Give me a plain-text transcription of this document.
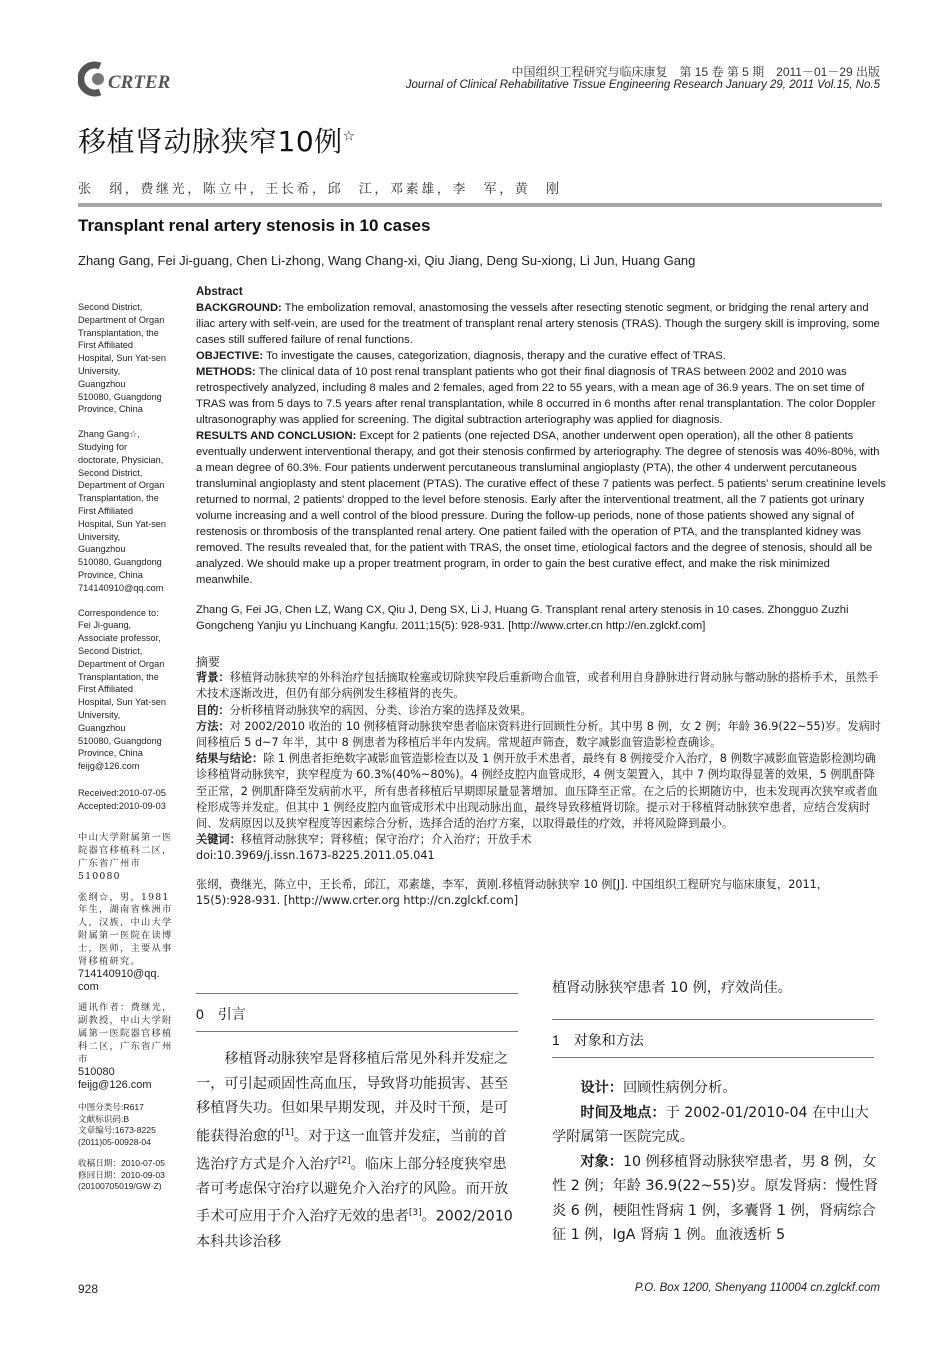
CRTER	中国组织工程研究与临床康复　第 15 卷 第 5 期　2011－01－29 出版
Journal of Clinical Rehabilitative Tissue Engineering Research January 29, 2011 Vol.15, No.5
移植肾动脉狭窄10例☆
张　纲，费继光，陈立中，王长希，邱　江，邓素雄，李　军，黄　刚
Transplant renal artery stenosis in 10 cases
Zhang Gang, Fei Ji-guang, Chen Li-zhong, Wang Chang-xi, Qiu Jiang, Deng Su-xiong, Li Jun, Huang Gang
Second District,
Department of Organ
Transplantation, the
First Affiliated
Hospital, Sun Yat-sen
University,
Guangzhou
510080, Guangdong
Province, China
Zhang Gang☆,
Studying for
doctorate, Physician,
Second District,
Department of Organ
Transplantation, the
First Affiliated
Hospital, Sun Yat-sen
University,
Guangzhou
510080, Guangdong
Province, China
714140910@qq.com
Correspondence to:
Fei Ji-guang,
Associate professor,
Second District,
Department of Organ
Transplantation, the
First Affiliated
Hospital, Sun Yat-sen
University,
Guangzhou
510080, Guangdong
Province, China
feijg@126.com
Received:2010-07-05
Accepted:2010-09-03
中山大学附属第一医院器官移植科二区，广东省广州市　510080
张纲☆，男，1981年生，湖南省株洲市人，汉族，中山大学附属第一医院在读博士，医师，主要从事肾移植研究。
714140910@qq.
com
通讯作者：费继光，副教授，中山大学附属第一医院器官移植科二区，广东省广州市
510080
feijg@126.com
中图分类号:R617
文献标识码:B
文章编号:1673-8225
(2011)05-00928-04
收稿日期：2010-07-05
修回日期：2010-09-03
(20100705019/GW·Z)
Abstract

BACKGROUND: The embolization removal, anastomosing the vessels after resecting stenotic segment, or bridging the renal artery and iliac artery with self-vein, are used for the treatment of transplant renal artery stenosis (TRAS). Though the surgery skill is improving, some cases still suffered failure of renal functions.

OBJECTIVE: To investigate the causes, categorization, diagnosis, therapy and the curative effect of TRAS.

METHODS: The clinical data of 10 post renal transplant patients who got their final diagnosis of TRAS between 2002 and 2010 was retrospectively analyzed, including 8 males and 2 females, aged from 22 to 55 years, with a mean age of 36.9 years. The on set time of TRAS was from 5 days to 7.5 years after renal transplantation, while 8 occurred in 6 months after renal transplantation. The color Doppler ultrasonography was applied for screening. The digital subtraction arteriography was applied for diagnosis.

RESULTS AND CONCLUSION: Except for 2 patients (one rejected DSA, another underwent open operation), all the other 8 patients eventually underwent interventional therapy, and got their stenosis confirmed by arteriography. The degree of stenosis was 40%-80%, with a mean degree of 60.3%. Four patients underwent percutaneous transluminal angioplasty (PTA), the other 4 underwent percutaneous transluminal angioplasty and stent placement (PTAS). The curative effect of these 7 patients was perfect. 5 patients' serum creatinine levels returned to normal, 2 patients' dropped to the level before stenosis. Early after the interventional treatment, all the 7 patients got urinary volume increasing and a well control of the blood pressure. During the follow-up periods, none of those patients showed any signal of restenosis or thrombosis of the transplanted renal artery. One patient failed with the operation of PTA, and the transplanted kidney was removed. The results revealed that, for the patient with TRAS, the onset time, etiological factors and the degree of stenosis, should all be analyzed. We should make up a proper treatment program, in order to gain the best curative effect, and make the risk minimized meanwhile.

Zhang G, Fei JG, Chen LZ, Wang CX, Qiu J, Deng SX, Li J, Huang G. Transplant renal artery stenosis in 10 cases. Zhongguo Zuzhi Gongcheng Yanjiu yu Linchuang Kangfu. 2011;15(5): 928-931. [http://www.crter.cn http://en.zglckf.com]

摘要

背景：移植肾动脉狭窄的外科治疗包括摘取栓塞或切除狭窄段后重新吻合血管，或者利用自身静脉进行肾动脉与髂动脉的搭桥手术，虽然手术技术逐渐改进，但仍有部分病例发生移植肾的丧失。

目的：分析移植肾动脉狭窄的病因、分类、诊治方案的选择及效果。

方法：对 2002/2010 收治的 10 例移植肾动脉狭窄患者临床资料进行回顾性分析。其中男 8 例，女 2 例；年龄 36.9(22~55)岁。发病时间移植后 5 d~7 年半，其中 8 例患者为移植后半年内发病。常规超声筛查，数字减影血管造影检查确诊。

结果与结论：除 1 例患者拒绝数字减影血管造影检查以及 1 例开放手术患者，最终有 8 例接受介入治疗，8 例数字减影血管造影检测均确诊移植肾动脉狭窄，狭窄程度为 60.3%(40%~80%)。4 例经皮腔内血管成形，4 例支架置入，其中 7 例均取得显著的效果，5 例肌酐降至正常，2 例肌酐降至发病前水平，所有患者移植后早期即尿量显著增加、血压降至正常。在之后的长期随访中，也未发现再次狭窄或者血栓形成等并发症。但其中 1 例经皮腔内血管成形术中出现动脉出血，最终导致移植肾切除。提示对于移植肾动脉狭窄患者，应结合发病时间、发病原因以及狭窄程度等因素综合分析，选择合适的治疗方案，以取得最佳的疗效，并将风险降到最小。

关键词：移植肾动脉狭窄；肾移植；保守治疗；介入治疗；开放手术

doi:10.3969/j.issn.1673-8225.2011.05.041

张纲，费继光，陈立中，王长希，邱江，邓素雄，李军，黄刚.移植肾动脉狭窄 10 例[J]. 中国组织工程研究与临床康复，2011，15(5):928-931. [http://www.crter.org http://cn.zglckf.com]

0　引言

移植肾动脉狭窄是肾移植后常见外科并发症之一，可引起顽固性高血压，导致肾功能损害、甚至移植肾失功。但如果早期发现，并及时干预，是可能获得治愈的[1]。对于这一血管并发症，当前的首选治疗方式是介入治疗[2]。临床上部分轻度狭窄患者可考虑保守治疗以避免介入治疗的风险。而开放手术可应用于介入治疗无效的患者[3]。2002/2010 本科共诊治移

植肾动脉狭窄患者 10 例，疗效尚佳。
1　对象和方法

设计：回顾性病例分析。

时间及地点：于 2002-01/2010-04 在中山大学附属第一医院完成。

对象：10 例移植肾动脉狭窄患者，男 8 例，女性 2 例；年龄 36.9(22~55)岁。原发肾病：慢性肾炎 6 例，梗阻性肾病 1 例，多囊肾 1 例，肾病综合征 1 例，IgA 肾病 1 例。血液透析 5

928	P.O. Box 1200, Shenyang 110004 cn.zglckf.com
